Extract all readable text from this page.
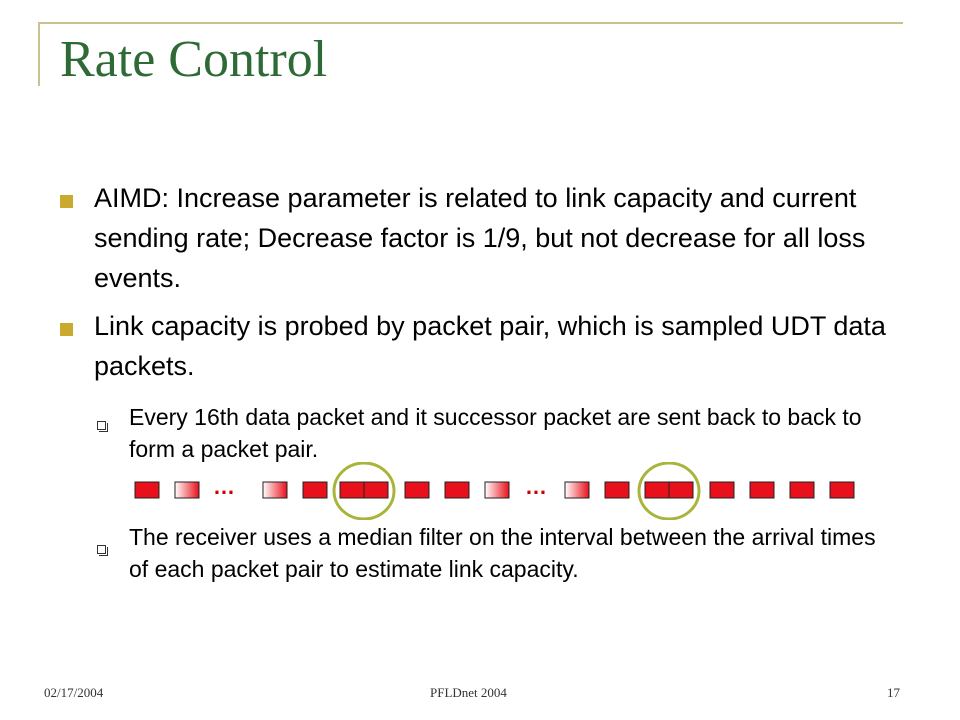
Rate Control
AIMD: Increase parameter is related to link capacity and current sending rate; Decrease factor is 1/9, but not decrease for all loss events.
Link capacity is probed by packet pair, which is sampled UDT data packets.
Every 16th data packet and it successor packet are sent back to back to form a packet pair.
…	…
The receiver uses a median filter on the interval between the arrival times of each packet pair to estimate link capacity.
02/17/2004	PFLDnet 2004	17
